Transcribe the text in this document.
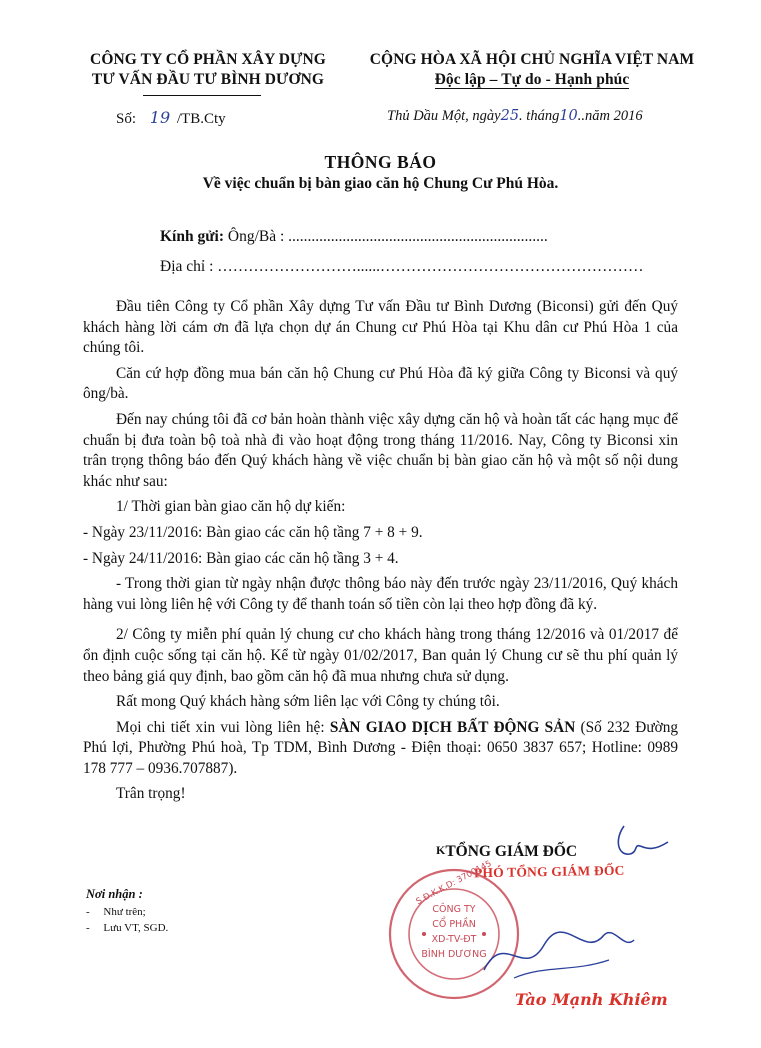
CÔNG TY CỔ PHẦN XÂY DỰNG
TƯ VẤN ĐẦU TƯ BÌNH DƯƠNG
CỘNG HÒA XÃ HỘI CHỦ NGHĨA VIỆT NAM
Độc lập – Tự do - Hạnh phúc
Số: 19 /TB.Cty	Thủ Dầu Một, ngày25. tháng10..năm 2016
THÔNG BÁO
Về việc chuẩn bị bàn giao căn hộ Chung Cư Phú Hòa.
Kính gửi: Ông/Bà : ...................................................................
Địa chỉ : ………………………......……………………………………………

Đầu tiên Công ty Cổ phần Xây dựng Tư vấn Đầu tư Bình Dương (Biconsi) gửi đến Quý khách hàng lời cám ơn đã lựa chọn dự án Chung cư Phú Hòa tại Khu dân cư Phú Hòa 1 của chúng tôi.

Căn cứ hợp đồng mua bán căn hộ Chung cư Phú Hòa đã ký giữa Công ty Biconsi và quý ông/bà.

Đến nay chúng tôi đã cơ bản hoàn thành việc xây dựng căn hộ và hoàn tất các hạng mục để chuẩn bị đưa toàn bộ toà nhà đi vào hoạt động trong tháng 11/2016. Nay, Công ty Biconsi xin trân trọng thông báo đến Quý khách hàng về việc chuẩn bị bàn giao căn hộ và một số nội dung khác như sau:

1/ Thời gian bàn giao căn hộ dự kiến:

- Ngày 23/11/2016: Bàn giao các căn hộ tầng 7 + 8 + 9.

- Ngày 24/11/2016: Bàn giao các căn hộ tầng 3 + 4.

- Trong thời gian từ ngày nhận được thông báo này đến trước ngày 23/11/2016, Quý khách hàng vui lòng liên hệ với Công ty để thanh toán số tiền còn lại theo hợp đồng đã ký.

2/ Công ty miễn phí quản lý chung cư cho khách hàng trong tháng 12/2016 và 01/2017 để ổn định cuộc sống tại căn hộ. Kể từ ngày 01/02/2017, Ban quản lý Chung cư sẽ thu phí quản lý theo bảng giá quy định, bao gồm căn hộ đã mua nhưng chưa sử dụng.

Rất mong Quý khách hàng sớm liên lạc với Công ty chúng tôi.

Mọi chi tiết xin vui lòng liên hệ: SÀN GIAO DỊCH BẤT ĐỘNG SẢN (Số 232 Đường Phú lợi, Phường Phú hoà, Tp TDM, Bình Dương - Điện thoại: 0650 3837 657; Hotline: 0989 178 777 – 0936.707887).

Trân trọng!

Nơi nhận :
-     Như trên;
-     Lưu VT, SGD.
$^K$TỔNG GIÁM ĐỐC
PHÓ TỔNG GIÁM ĐỐC
S.Đ.K.K.D: 3700145
CÔNG TY
CỔ PHẦN
XD-TV-ĐT
BÌNH DƯƠNG
Tào Mạnh Khiêm
